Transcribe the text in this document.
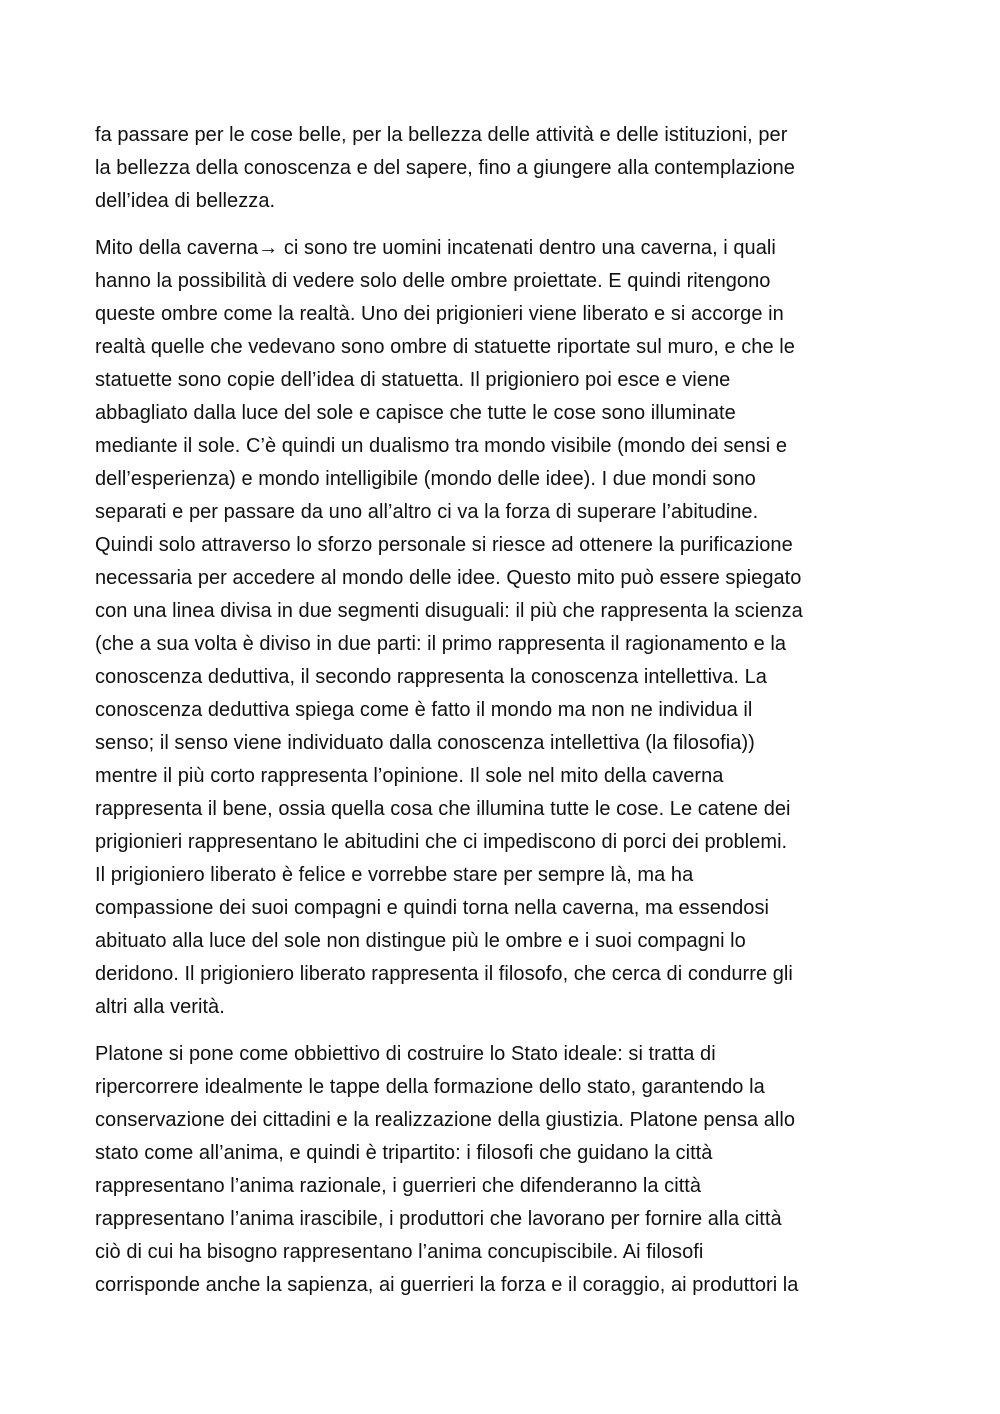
fa passare per le cose belle, per la bellezza delle attività e delle istituzioni, per
la bellezza della conoscenza e del sapere, fino a giungere alla contemplazione
dell’idea di bellezza.

Mito della caverna→ ci sono tre uomini incatenati dentro una caverna, i quali
hanno la possibilità di vedere solo delle ombre proiettate. E quindi ritengono
queste ombre come la realtà. Uno dei prigionieri viene liberato e si accorge in
realtà quelle che vedevano sono ombre di statuette riportate sul muro, e che le
statuette sono copie dell’idea di statuetta. Il prigioniero poi esce e viene
abbagliato dalla luce del sole e capisce che tutte le cose sono illuminate
mediante il sole. C’è quindi un dualismo tra mondo visibile (mondo dei sensi e
dell’esperienza) e mondo intelligibile (mondo delle idee). I due mondi sono
separati e per passare da uno all’altro ci va la forza di superare l’abitudine.
Quindi solo attraverso lo sforzo personale si riesce ad ottenere la purificazione
necessaria per accedere al mondo delle idee. Questo mito può essere spiegato
con una linea divisa in due segmenti disuguali: il più che rappresenta la scienza
(che a sua volta è diviso in due parti: il primo rappresenta il ragionamento e la
conoscenza deduttiva, il secondo rappresenta la conoscenza intellettiva. La
conoscenza deduttiva spiega come è fatto il mondo ma non ne individua il
senso; il senso viene individuato dalla conoscenza intellettiva (la filosofia))
mentre il più corto rappresenta l’opinione. Il sole nel mito della caverna
rappresenta il bene, ossia quella cosa che illumina tutte le cose. Le catene dei
prigionieri rappresentano le abitudini che ci impediscono di porci dei problemi.
Il prigioniero liberato è felice e vorrebbe stare per sempre là, ma ha
compassione dei suoi compagni e quindi torna nella caverna, ma essendosi
abituato alla luce del sole non distingue più le ombre e i suoi compagni lo
deridono. Il prigioniero liberato rappresenta il filosofo, che cerca di condurre gli
altri alla verità.

Platone si pone come obbiettivo di costruire lo Stato ideale: si tratta di
ripercorrere idealmente le tappe della formazione dello stato, garantendo la
conservazione dei cittadini e la realizzazione della giustizia. Platone pensa allo
stato come all’anima, e quindi è tripartito: i filosofi che guidano la città
rappresentano l’anima razionale, i guerrieri che difenderanno la città
rappresentano l’anima irascibile, i produttori che lavorano per fornire alla città
ciò di cui ha bisogno rappresentano l’anima concupiscibile. Ai filosofi
corrisponde anche la sapienza, ai guerrieri la forza e il coraggio, ai produttori la
